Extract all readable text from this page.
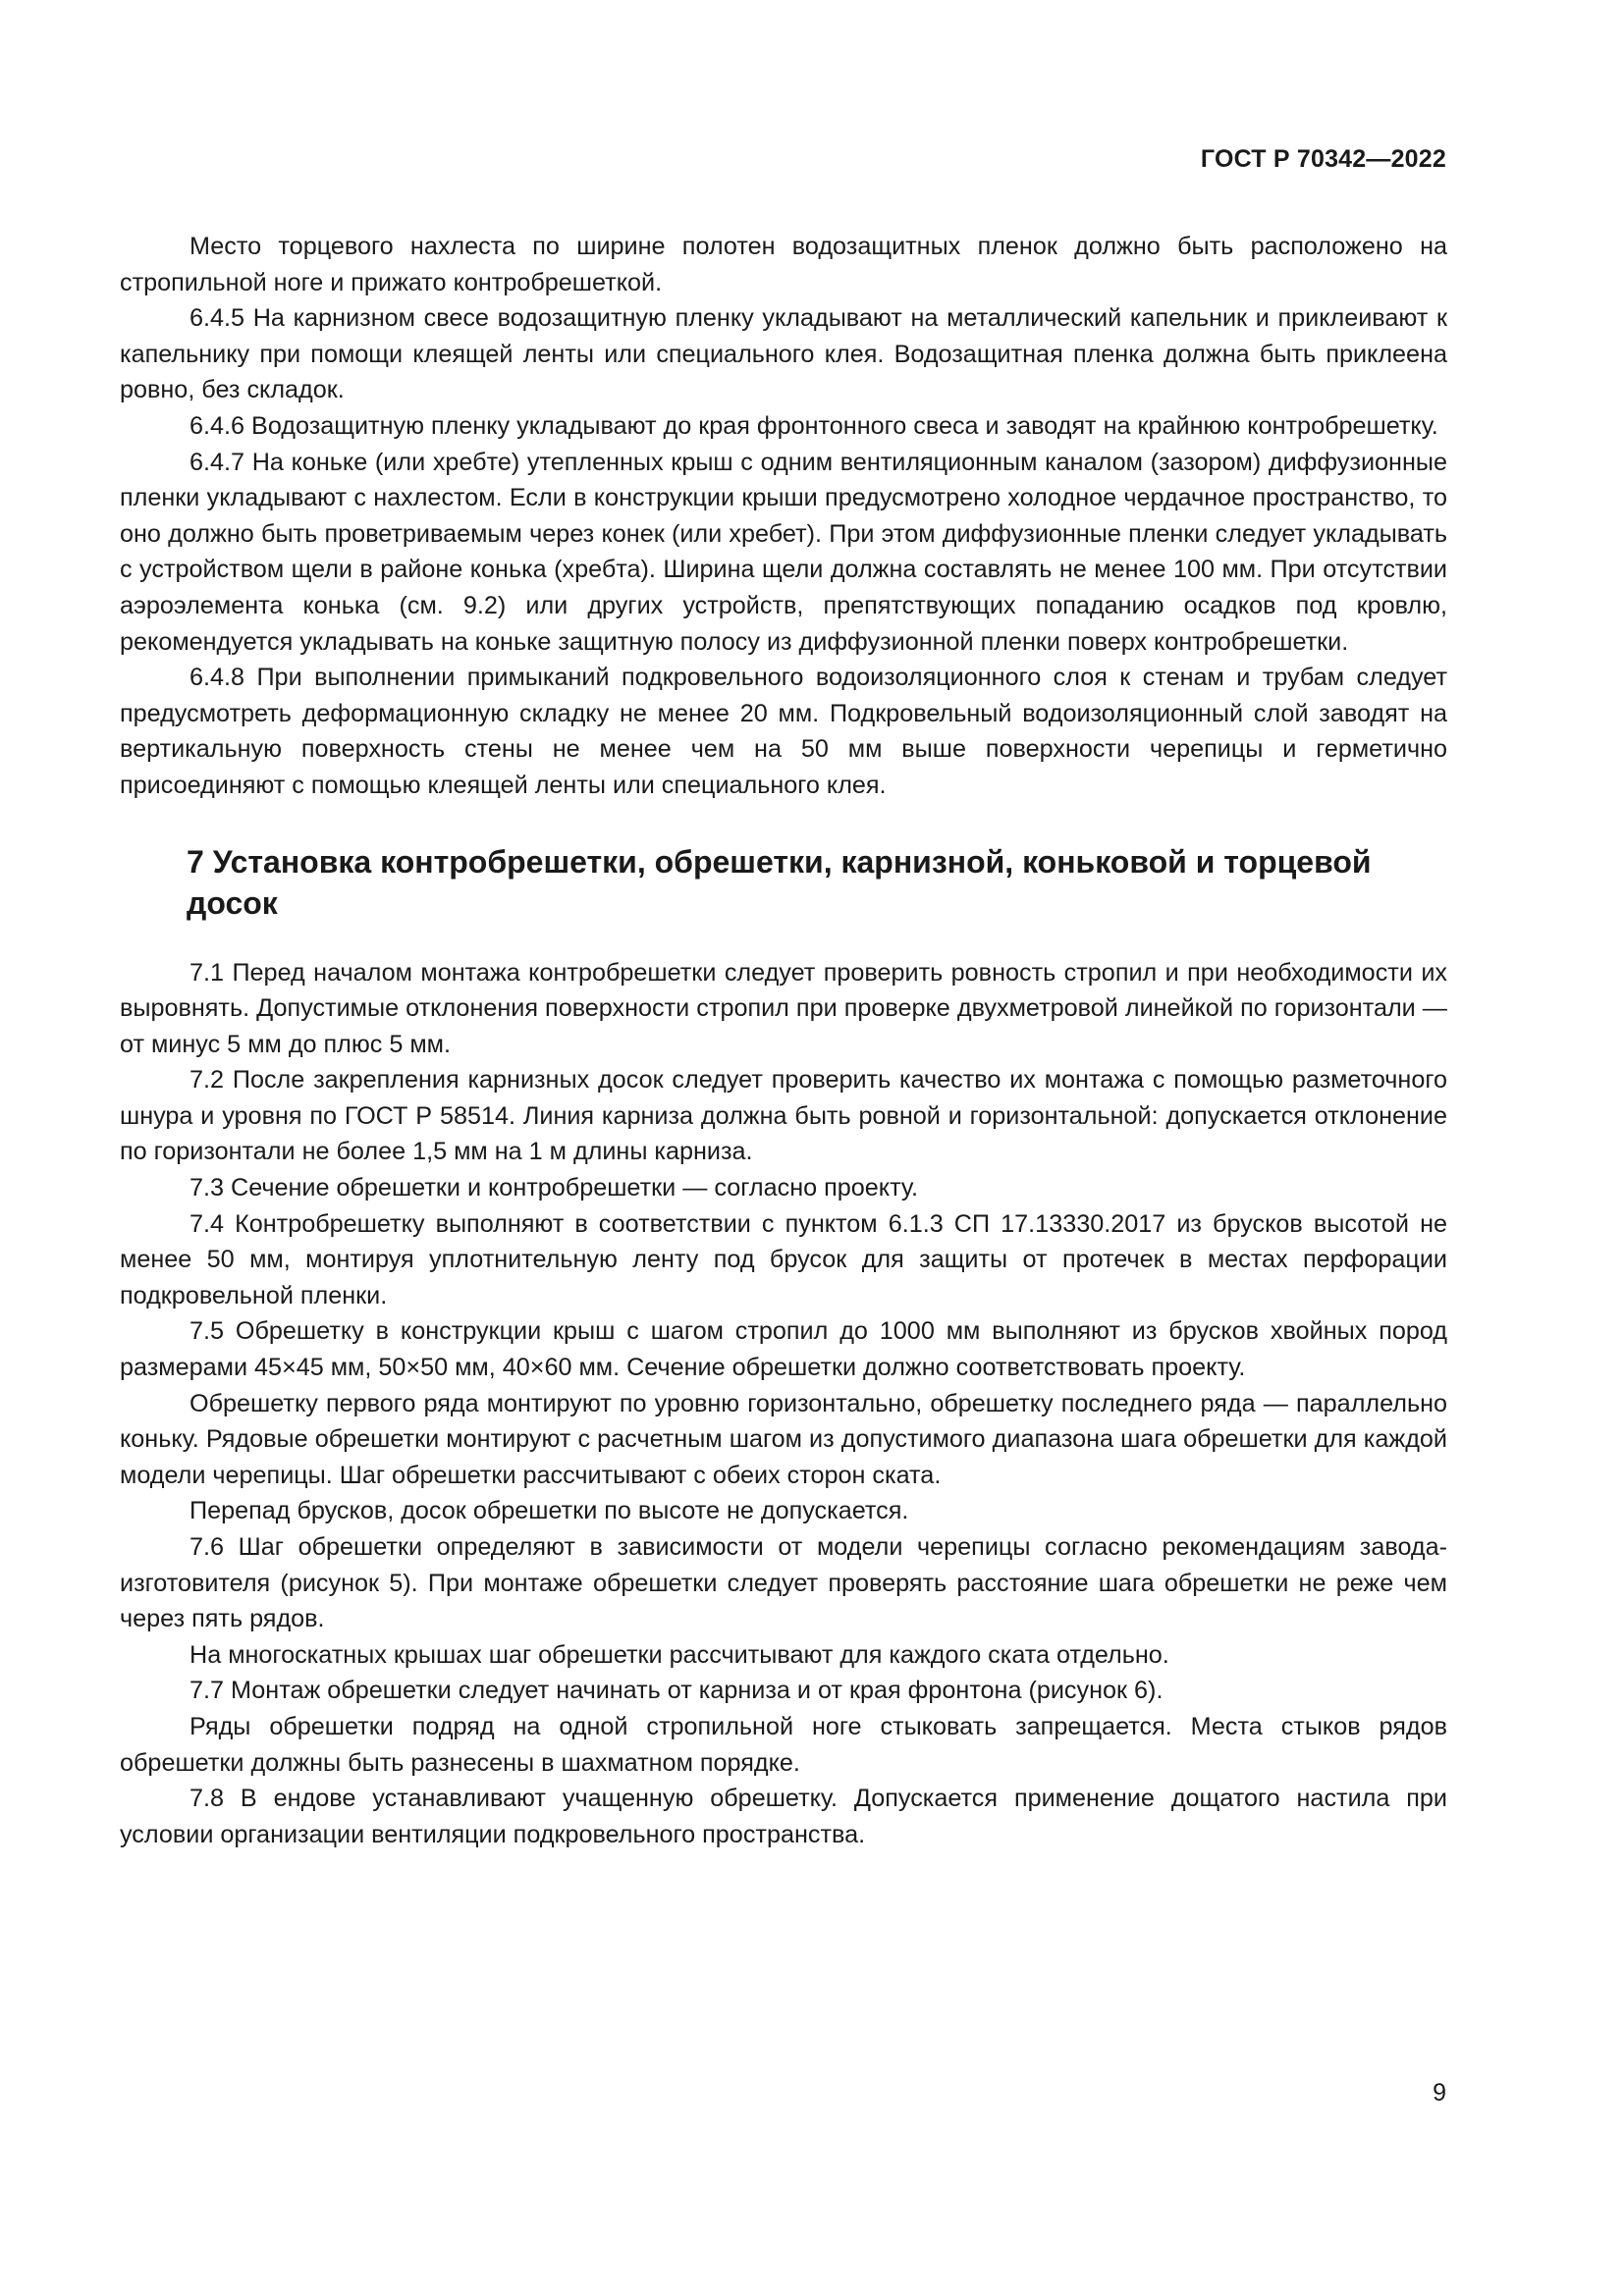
ГОСТ Р 70342—2022

Место торцевого нахлеста по ширине полотен водозащитных пленок должно быть расположено на стропильной ноге и прижато контробрешеткой.

6.4.5 На карнизном свесе водозащитную пленку укладывают на металлический капельник и приклеивают к капельнику при помощи клеящей ленты или специального клея. Водозащитная пленка должна быть приклеена ровно, без складок.

6.4.6 Водозащитную пленку укладывают до края фронтонного свеса и заводят на крайнюю контробрешетку.

6.4.7 На коньке (или хребте) утепленных крыш с одним вентиляционным каналом (зазором) диффузионные пленки укладывают с нахлестом. Если в конструкции крыши предусмотрено холодное чердачное пространство, то оно должно быть проветриваемым через конек (или хребет). При этом диффузионные пленки следует укладывать с устройством щели в районе конька (хребта). Ширина щели должна составлять не менее 100 мм. При отсутствии аэроэлемента конька (см. 9.2) или других устройств, препятствующих попаданию осадков под кровлю, рекомендуется укладывать на коньке защитную полосу из диффузионной пленки поверх контробрешетки.

6.4.8 При выполнении примыканий подкровельного водоизоляционного слоя к стенам и трубам следует предусмотреть деформационную складку не менее 20 мм. Подкровельный водоизоляционный слой заводят на вертикальную поверхность стены не менее чем на 50 мм выше поверхности черепицы и герметично присоединяют с помощью клеящей ленты или специального клея.

7 Установка контробрешетки, обрешетки, карнизной, коньковой и торцевой досок

7.1 Перед началом монтажа контробрешетки следует проверить ровность стропил и при необходимости их выровнять. Допустимые отклонения поверхности стропил при проверке двухметровой линейкой по горизонтали — от минус 5 мм до плюс 5 мм.

7.2 После закрепления карнизных досок следует проверить качество их монтажа с помощью разметочного шнура и уровня по ГОСТ Р 58514. Линия карниза должна быть ровной и горизонтальной: допускается отклонение по горизонтали не более 1,5 мм на 1 м длины карниза.

7.3 Сечение обрешетки и контробрешетки — согласно проекту.

7.4 Контробрешетку выполняют в соответствии с пунктом 6.1.3 СП 17.13330.2017 из брусков высотой не менее 50 мм, монтируя уплотнительную ленту под брусок для защиты от протечек в местах перфорации подкровельной пленки.

7.5 Обрешетку в конструкции крыш с шагом стропил до 1000 мм выполняют из брусков хвойных пород размерами 45×45 мм, 50×50 мм, 40×60 мм. Сечение обрешетки должно соответствовать проекту.

Обрешетку первого ряда монтируют по уровню горизонтально, обрешетку последнего ряда — параллельно коньку. Рядовые обрешетки монтируют с расчетным шагом из допустимого диапазона шага обрешетки для каждой модели черепицы. Шаг обрешетки рассчитывают с обеих сторон ската.

Перепад брусков, досок обрешетки по высоте не допускается.

7.6 Шаг обрешетки определяют в зависимости от модели черепицы согласно рекомендациям завода-изготовителя (рисунок 5). При монтаже обрешетки следует проверять расстояние шага обрешетки не реже чем через пять рядов.

На многоскатных крышах шаг обрешетки рассчитывают для каждого ската отдельно.

7.7 Монтаж обрешетки следует начинать от карниза и от края фронтона (рисунок 6).

Ряды обрешетки подряд на одной стропильной ноге стыковать запрещается. Места стыков рядов обрешетки должны быть разнесены в шахматном порядке.

7.8 В ендове устанавливают учащенную обрешетку. Допускается применение дощатого настила при условии организации вентиляции подкровельного пространства.

9
